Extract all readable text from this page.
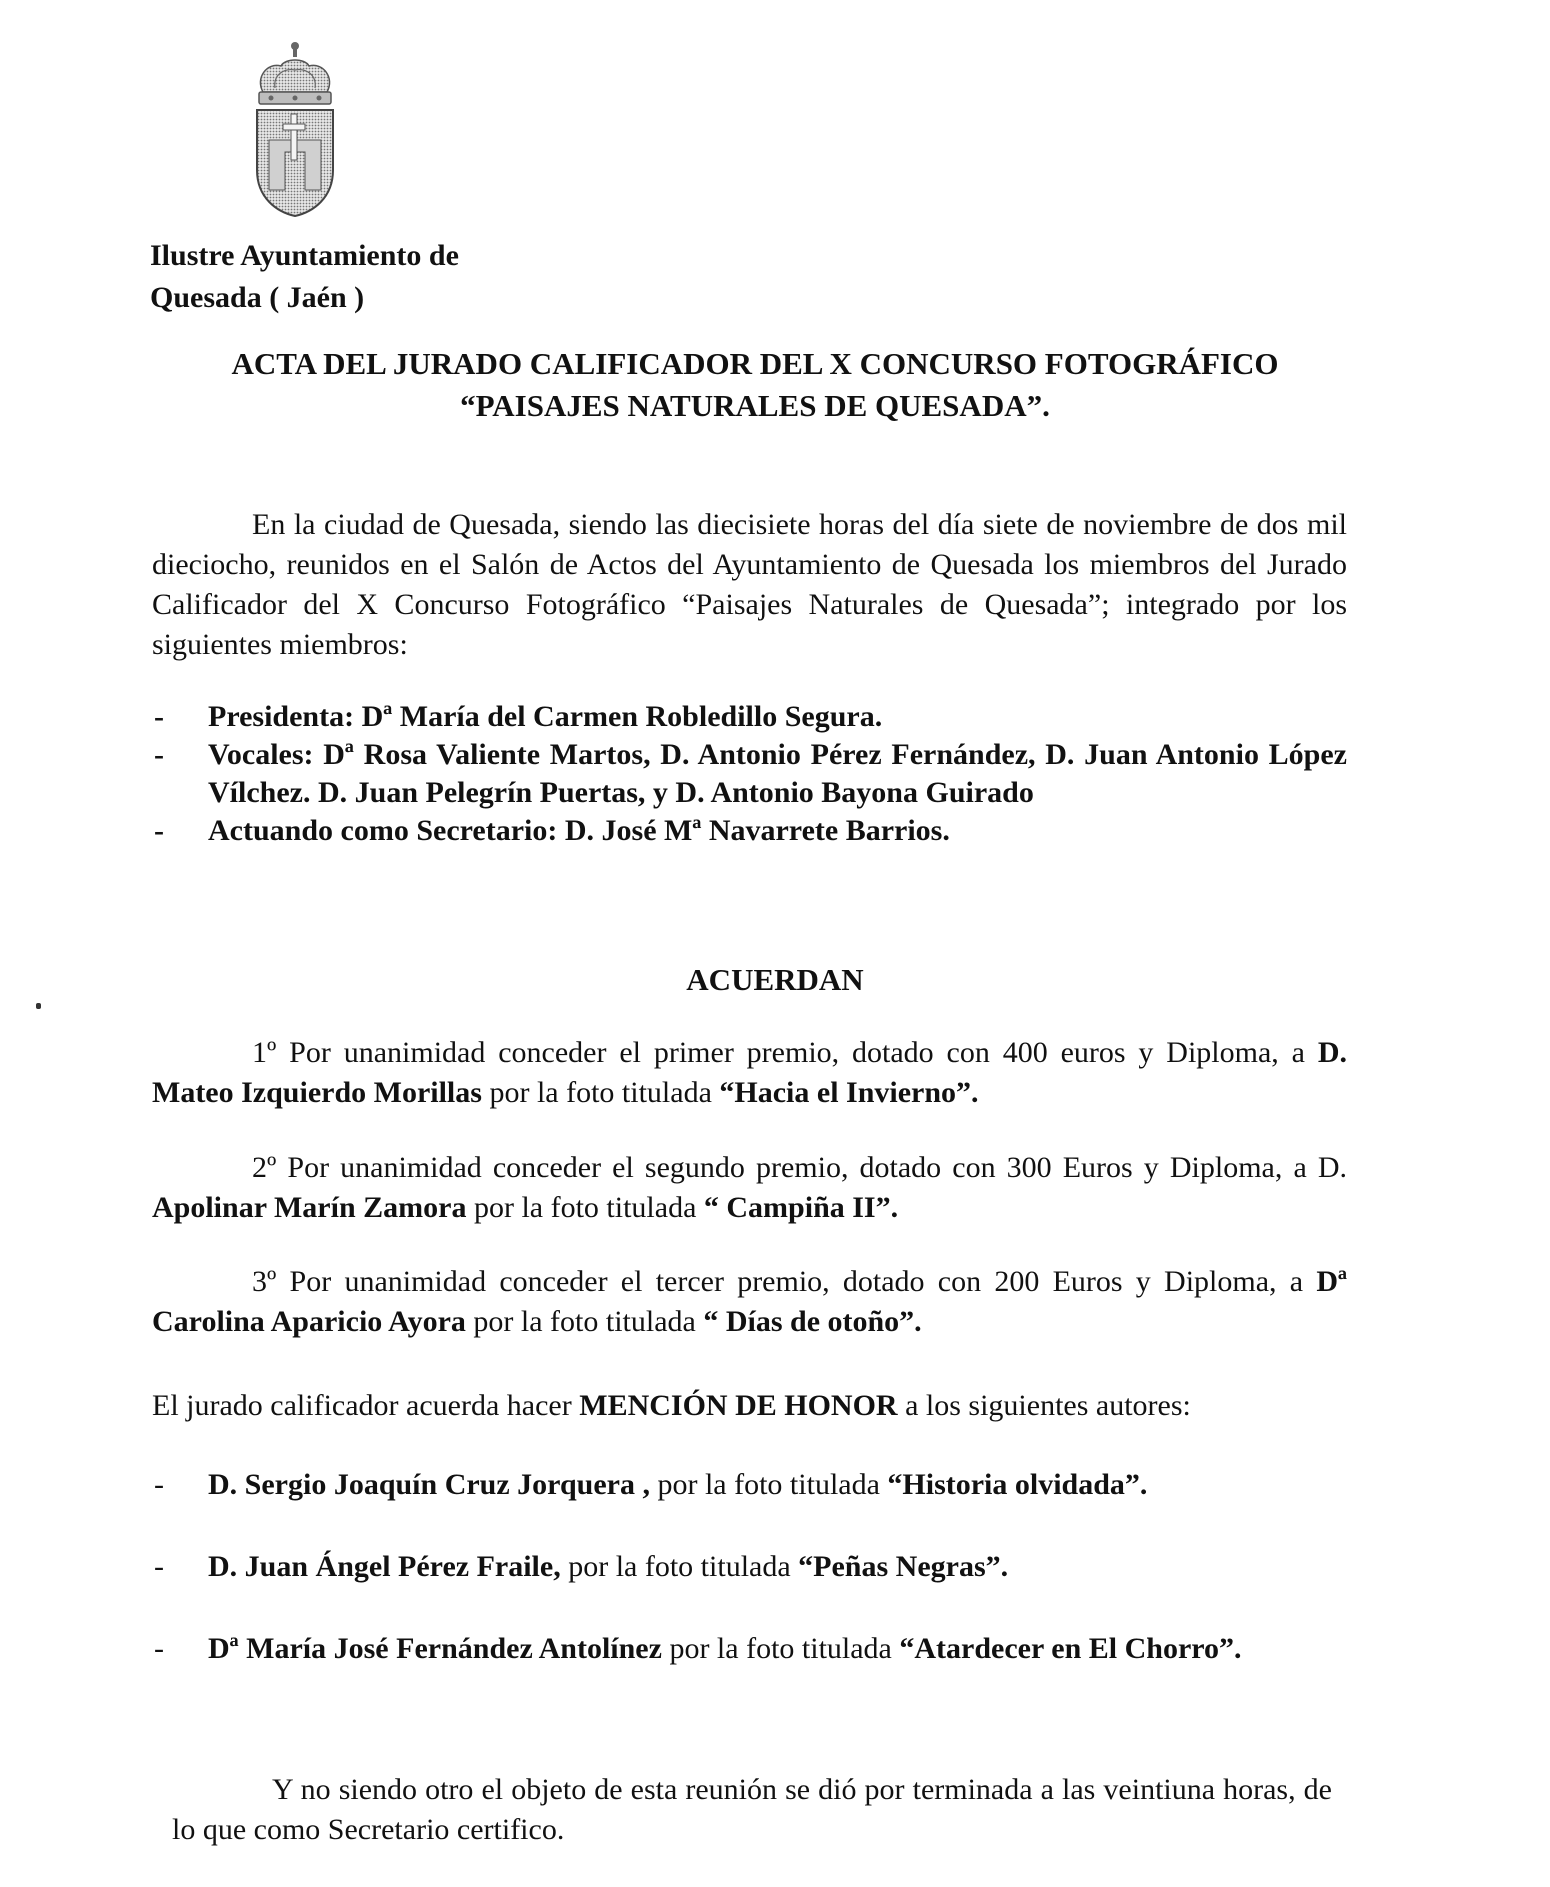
Ilustre Ayuntamiento de
Quesada ( Jaén )
ACTA DEL JURADO CALIFICADOR DEL X CONCURSO FOTOGRÁFICO
“PAISAJES NATURALES DE QUESADA”.
En la ciudad de Quesada, siendo las diecisiete horas del día siete de noviembre de dos mil dieciocho, reunidos en el Salón de Actos del Ayuntamiento de Quesada los miembros del Jurado Calificador del X Concurso Fotográfico “Paisajes Naturales de Quesada”; integrado por los siguientes miembros:
- Presidenta: Dª María del Carmen Robledillo Segura.
- Vocales: Dª Rosa Valiente Martos, D. Antonio Pérez Fernández, D. Juan Antonio López Vílchez. D. Juan Pelegrín Puertas, y D. Antonio Bayona Guirado
- Actuando como Secretario: D. José Mª Navarrete Barrios.
ACUERDAN
1º Por unanimidad conceder el primer premio, dotado con 400 euros y Diploma, a D. Mateo Izquierdo Morillas por la foto titulada “Hacia el Invierno”.
2º Por unanimidad conceder el segundo premio, dotado con 300 Euros y Diploma, a D. Apolinar Marín Zamora por la foto titulada “ Campiña II”.
3º Por unanimidad conceder el tercer premio, dotado con 200 Euros y Diploma, a Dª Carolina Aparicio Ayora por la foto titulada “ Días de otoño”.
El jurado calificador acuerda hacer MENCIÓN DE HONOR a los siguientes autores:
- D. Sergio Joaquín Cruz Jorquera , por la foto titulada “Historia olvidada”.
- D. Juan Ángel Pérez Fraile, por la foto titulada “Peñas Negras”.
- Dª María José Fernández Antolínez por la foto titulada “Atardecer en El Chorro”.
Y no siendo otro el objeto de esta reunión se dió por terminada a las veintiuna horas, de lo que como Secretario certifico.
